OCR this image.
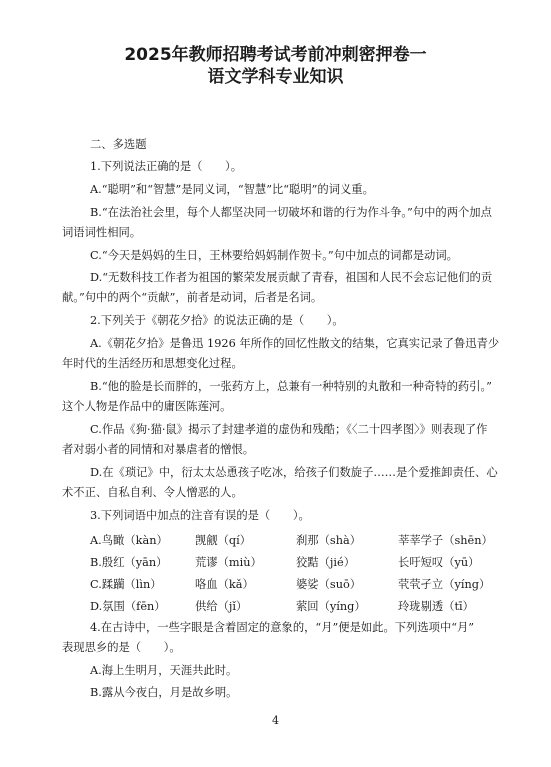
2025年教师招聘考试考前冲刺密押卷一
语文学科专业知识
二、多选题
1.下列说法正确的是（　　）。
A.“聪明”和“智慧”是同义词，“智慧”比“聪明”的词义重。
B.“在法治社会里，每个人都坚决同一切破坏和谐的行为作斗争。”句中的两个加点
词语词性相同。
C.“今天是妈妈的生日，王林要给妈妈制作贺卡。”句中加点的词都是动词。
D.“无数科技工作者为祖国的繁荣发展贡献了青春，祖国和人民不会忘记他们的贡
献。”句中的两个“贡献”，前者是动词，后者是名词。
2.下列关于《朝花夕拾》的说法正确的是（　　）。
A.《朝花夕拾》是鲁迅 1926 年所作的回忆性散文的结集，它真实记录了鲁迅青少
年时代的生活经历和思想变化过程。
B.“他的脸是长而胖的，一张药方上，总兼有一种特别的丸散和一种奇特的药引。”
这个人物是作品中的庸医陈莲河。
C.作品《狗·猫·鼠》揭示了封建孝道的虚伪和残酷；《〈二十四孝图〉》则表现了作
者对弱小者的同情和对暴虐者的憎恨。
D.在《琐记》中，衍太太怂恿孩子吃冰，给孩子们数旋子……是个爱推卸责任、心
术不正、自私自利、令人憎恶的人。
3.下列词语中加点的注音有误的是（　　）。
A.鸟瞰（kàn） 觊觎（qí）	刹那（shà）	莘莘学子（shēn）
B.殷红（yān） 荒谬（miù）	狡黠（jié）	长吁短叹（yū）
C.蹂躏（lìn）	咯血（kǎ）	婆娑（suō）	茕茕孑立（yíng）
D.氛围（fēn）	供给（jǐ）	萦回（yíng）	玲珑剔透（tī）
4.在古诗中，一些字眼是含着固定的意象的，“月”便是如此。下列选项中“月”
表现思乡的是（　　）。
A.海上生明月，天涯共此时。
B.露从今夜白，月是故乡明。
4
